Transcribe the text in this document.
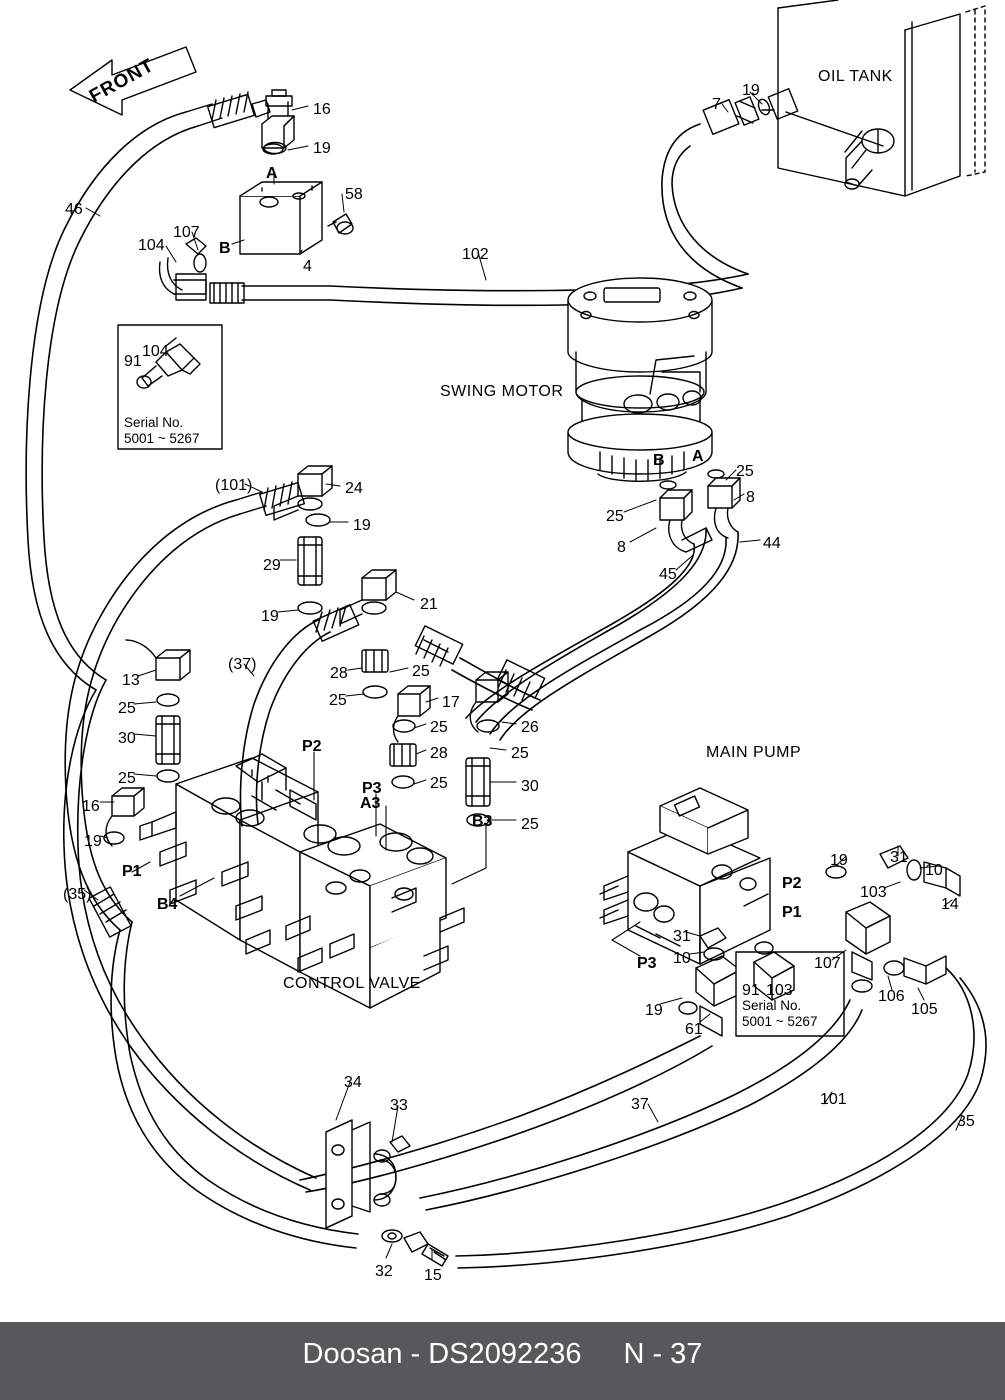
FRONT	OIL TANK
SWING MOTOR
MAIN PUMP
CONTROL VALVE
Serial No.
5001 ~ 5267
104
91
Serial No.
5001 ~ 5267
91 103
16
19
A
58
B
4
107
104
46
102
7
19
25
8
25
8	44
45
A
B
(101)	24
19
29
19
21
25
28
25	17
25	26
28	25
25	30
25
(37)
13
25
30
25
16
19
P1
(35)
B4
P2
P3
A3
B3
19	31
10
103
14
P2
P1
107
106
105
31
10
P3
19
61
37	101
35
34
33
32 15
Doosan - DS2092236 N - 37
